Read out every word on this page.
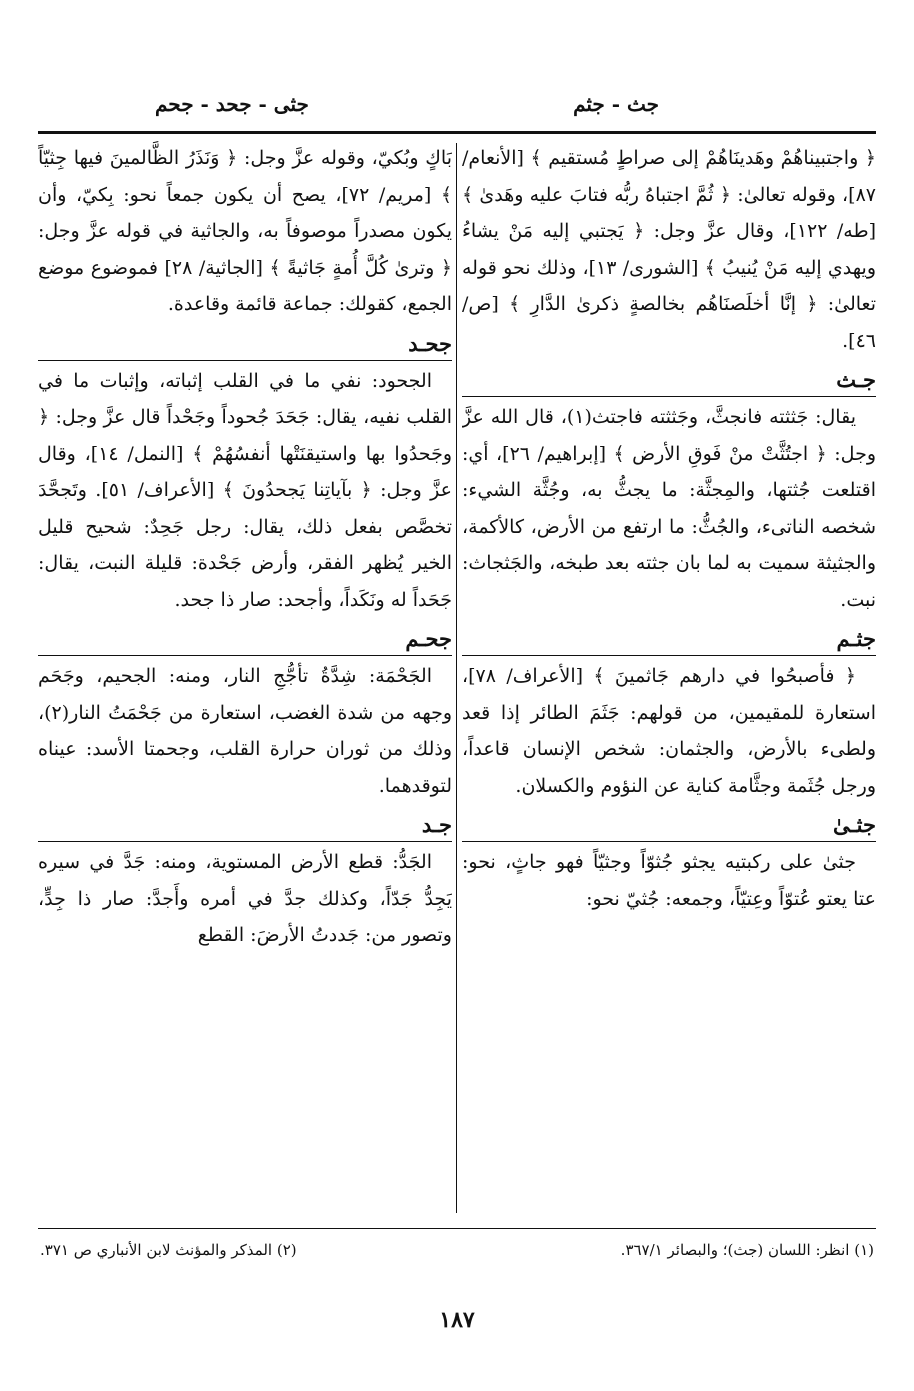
جث - جثم
جثى - جحد - جحم

﴿ واجتبيناهُمْ وهَدينَاهُمْ إلى صراطٍ مُستقيم ﴾ [الأنعام/ ٨٧]، وقوله تعالىٰ: ﴿ ثُمَّ اجتباهُ ربُّه فتابَ عليه وهَدىٰ ﴾ [طه/ ١٢٢]، وقال عزَّ وجل: ﴿ يَجتبي إليه مَنْ يشاءُ ويهدي إليه مَنْ يُنيبُ ﴾ [الشورى/ ١٣]، وذلك نحو قوله تعالىٰ: ﴿ إنَّا أخلَصنَاهُم بخالصةٍ ذكرىٰ الدَّارِ ﴾ [ص/ ٤٦].

جـث

يقال: جَثثته فانجثَّ، وجَثثته فاجتث(١)، قال الله عزَّ وجل: ﴿ اجتُثَّتْ منْ فَوقِ الأرض ﴾ [إبراهيم/ ٢٦]، أي: اقتلعت جُثتها، والمِجثَّة: ما يجثُّ به، وجُثَّة الشيء: شخصه الناتىء، والجُثُّ: ما ارتفع من الأرض، كالأكمة، والجثيثة سميت به لما بان جثته بعد طبخه، والجَثجاث: نبت.

جثـم

﴿ فأصبحُوا في دارهم جَاثمينَ ﴾ [الأعراف/ ٧٨]، استعارة للمقيمين، من قولهم: جَثَمَ الطائر إذا قعد ولطىء بالأرض، والجثمان: شخص الإنسان قاعداً، ورجل جُثَمة وجثَّامة كناية عن النؤوم والكسلان.

جثـىٰ

جثىٰ على ركبتيه يجثو جُثوّاً وجثيّاً فهو جاثٍ، نحو: عتا يعتو عُتوّاً وعِتيّاً، وجمعه: جُثيّ نحو:

بَاكٍ وبُكيّ، وقوله عزَّ وجل: ﴿ وَنَذَرُ الظَّالمينَ فيها جِثيّاً ﴾ [مريم/ ٧٢]، يصح أن يكون جمعاً نحو: بِكيّ، وأن يكون مصدراً موصوفاً به، والجاثية في قوله عزَّ وجل: ﴿ وترىٰ كُلَّ أُمةٍ جَاثيةً ﴾ [الجاثية/ ٢٨] فموضوع موضع الجمع، كقولك: جماعة قائمة وقاعدة.

جحـد

الجحود: نفي ما في القلب إثباته، وإثبات ما في القلب نفيه، يقال: جَحَدَ جُحوداً وجَحْداً قال عزَّ وجل: ﴿ وجَحدُوا بها واستيقنَتْها أنفسُهُمْ ﴾ [النمل/ ١٤]، وقال عزَّ وجل: ﴿ بآياتِنا يَجحدُونَ ﴾ [الأعراف/ ٥١]. وتَجحَّدَ تخصَّص بفعل ذلك، يقال: رجل جَحِدٌ: شحيح قليل الخير يُظهر الفقر، وأرض جَحْدة: قليلة النبت، يقال: جَحَداً له ونَكَداً، وأجحد: صار ذا جحد.

جحـم

الجَحْمَة: شِدَّةُ تأجُّجِ النار، ومنه: الجحيم، وجَحَم وجهه من شدة الغضب، استعارة من جَحْمَتُ النار(٢)، وذلك من ثوران حرارة القلب، وجحمتا الأسد: عيناه لتوقدهما.

جـد

الجَدُّ: قطع الأرض المستوية، ومنه: جَدَّ في سيره يَجِدُّ جَدّاً، وكذلك جدَّ في أمره وأَجدَّ: صار ذا جِدٍّ، وتصور من: جَددتُ الأرضَ: القطع

(١) انظر: اللسان (جث)؛ والبصائر ٣٦٧/١.
(٢) المذكر والمؤنث لابن الأنباري ص ٣٧١.
١٨٧
